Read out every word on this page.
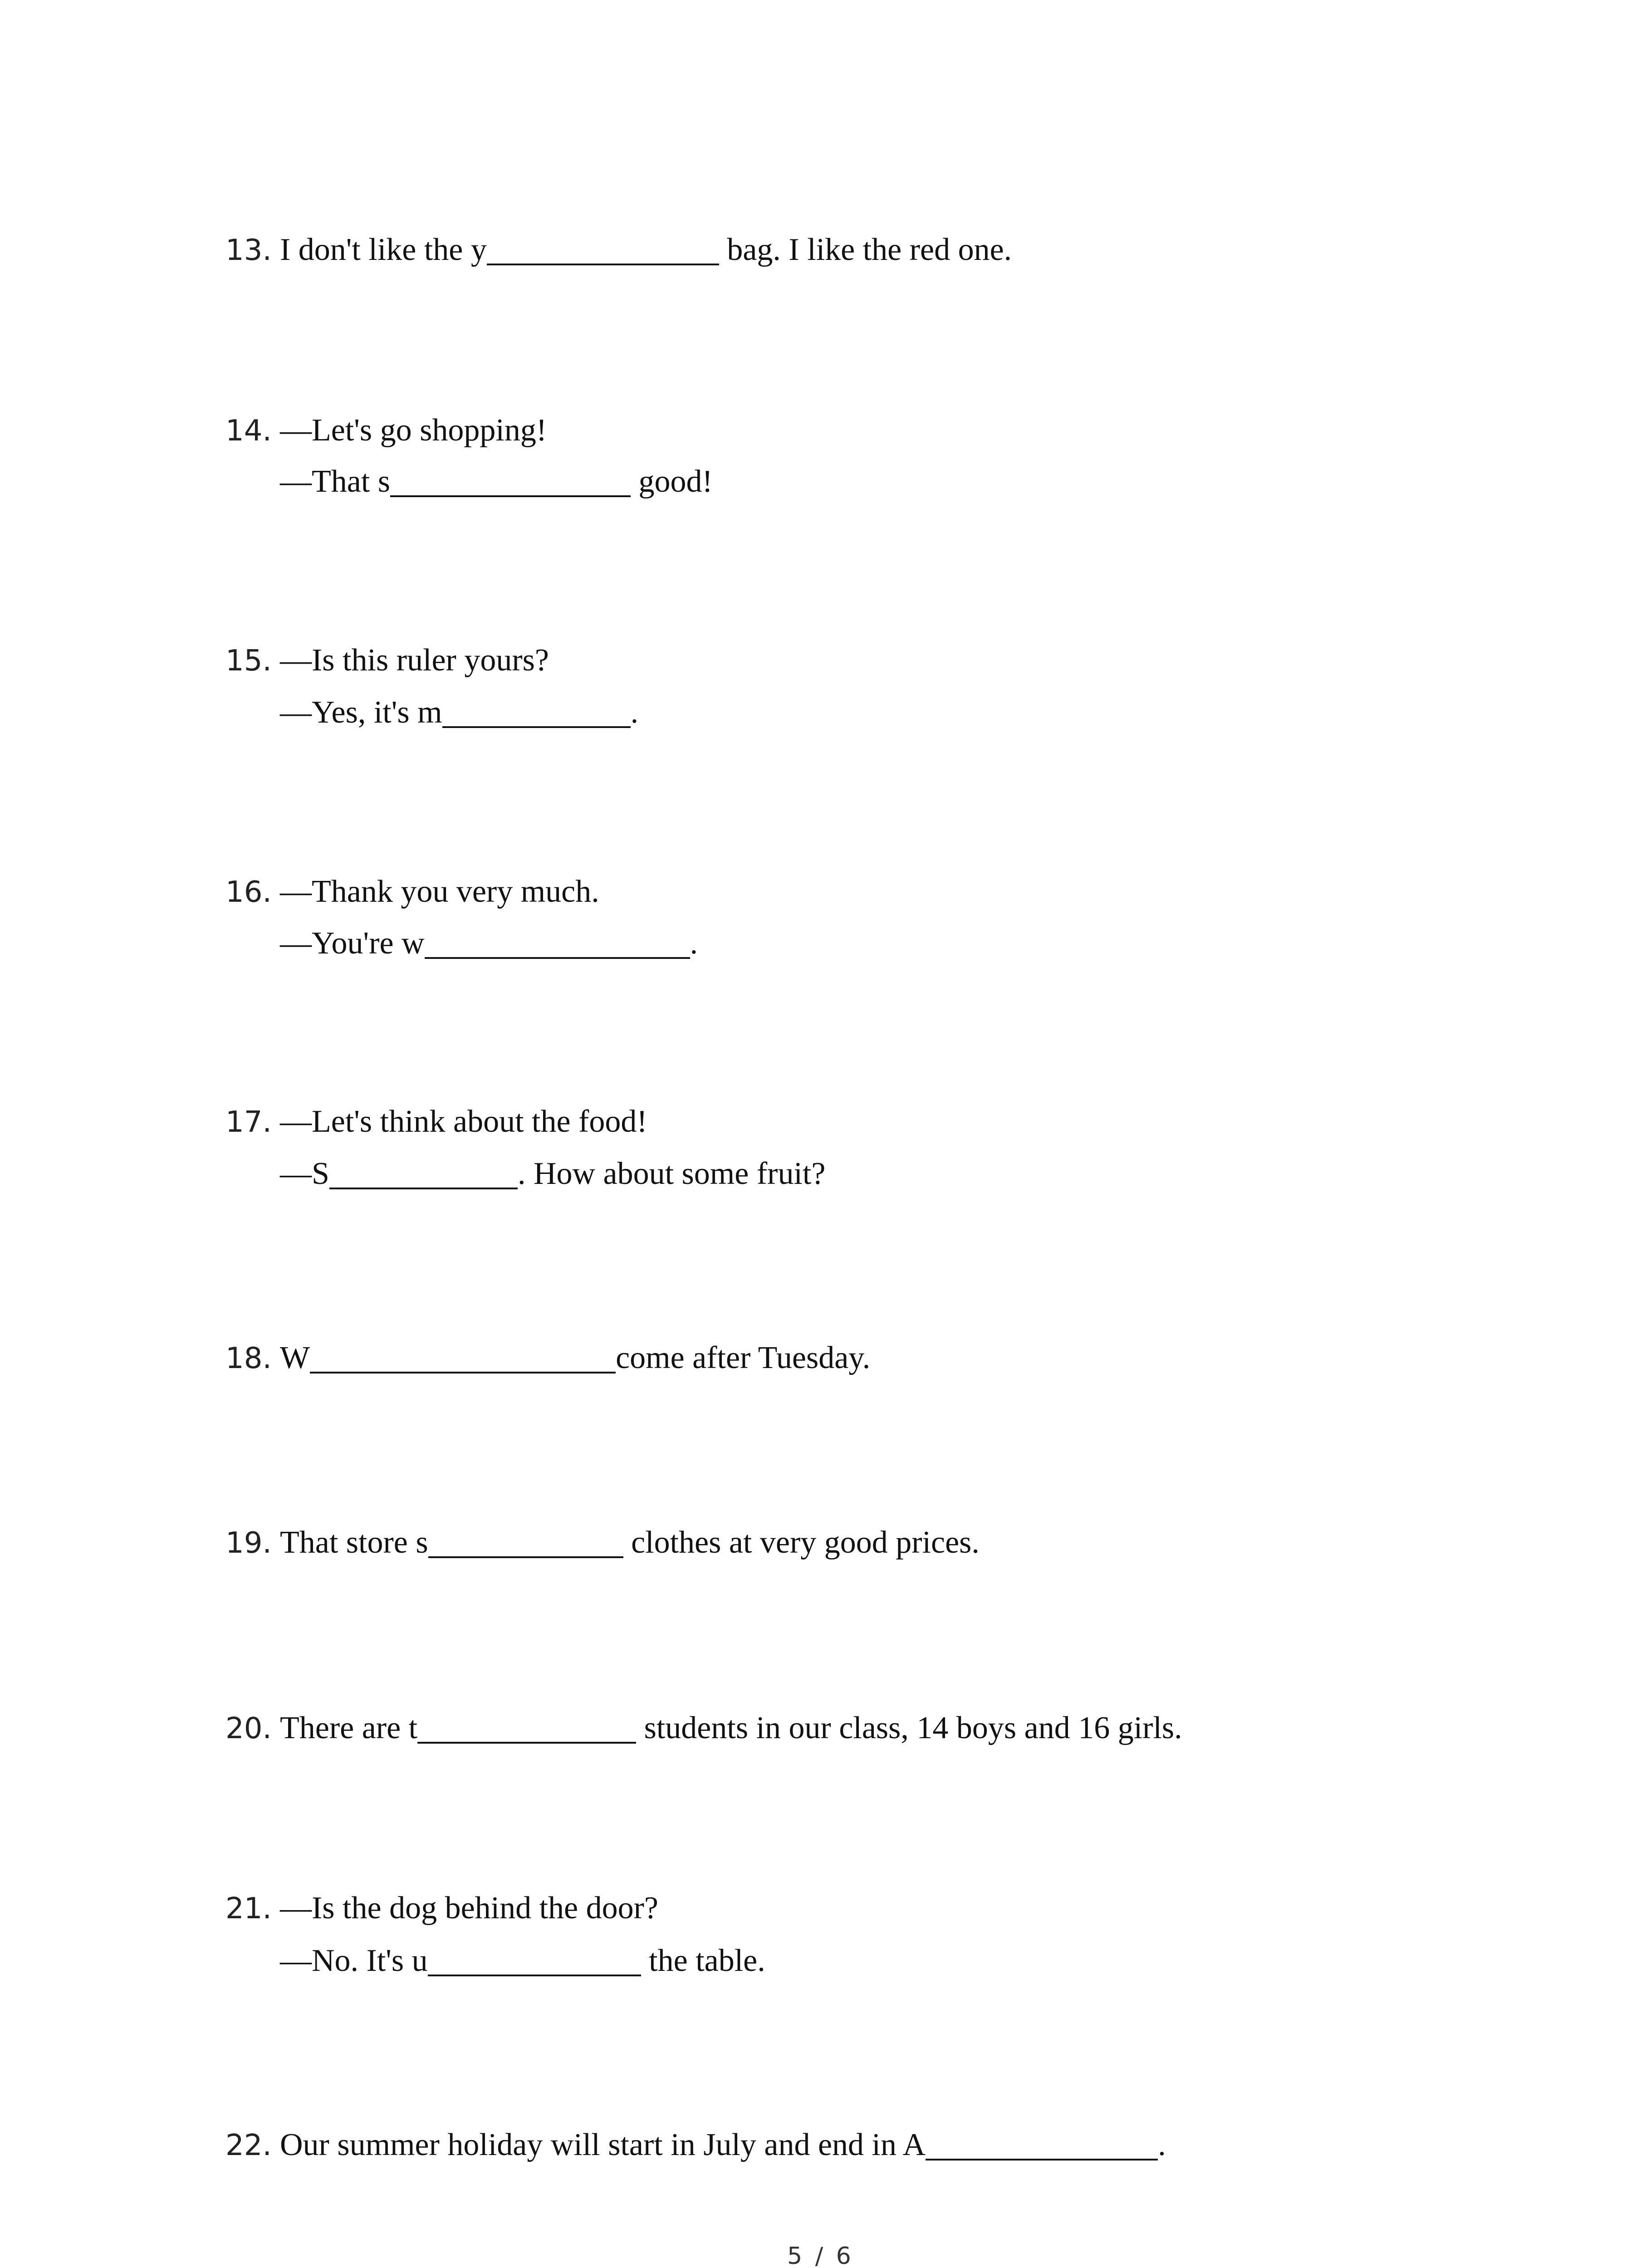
13. I don't like the y	bag. I like the red one.
14. —Let's go shopping!
—That s	good!
15. —Is this ruler yours?
—Yes, it's m	.
16. —Thank you very much.
—You're w	.
17. —Let's think about the food!
—S	. How about some fruit?
18. W	come after Tuesday.
19. That store s	clothes at very good prices.
20. There are t	students in our class, 14 boys and 16 girls.
21. —Is the dog behind the door?
—No. It's u	the table.
22. Our summer holiday will start in July and end in A	.
5 / 6
